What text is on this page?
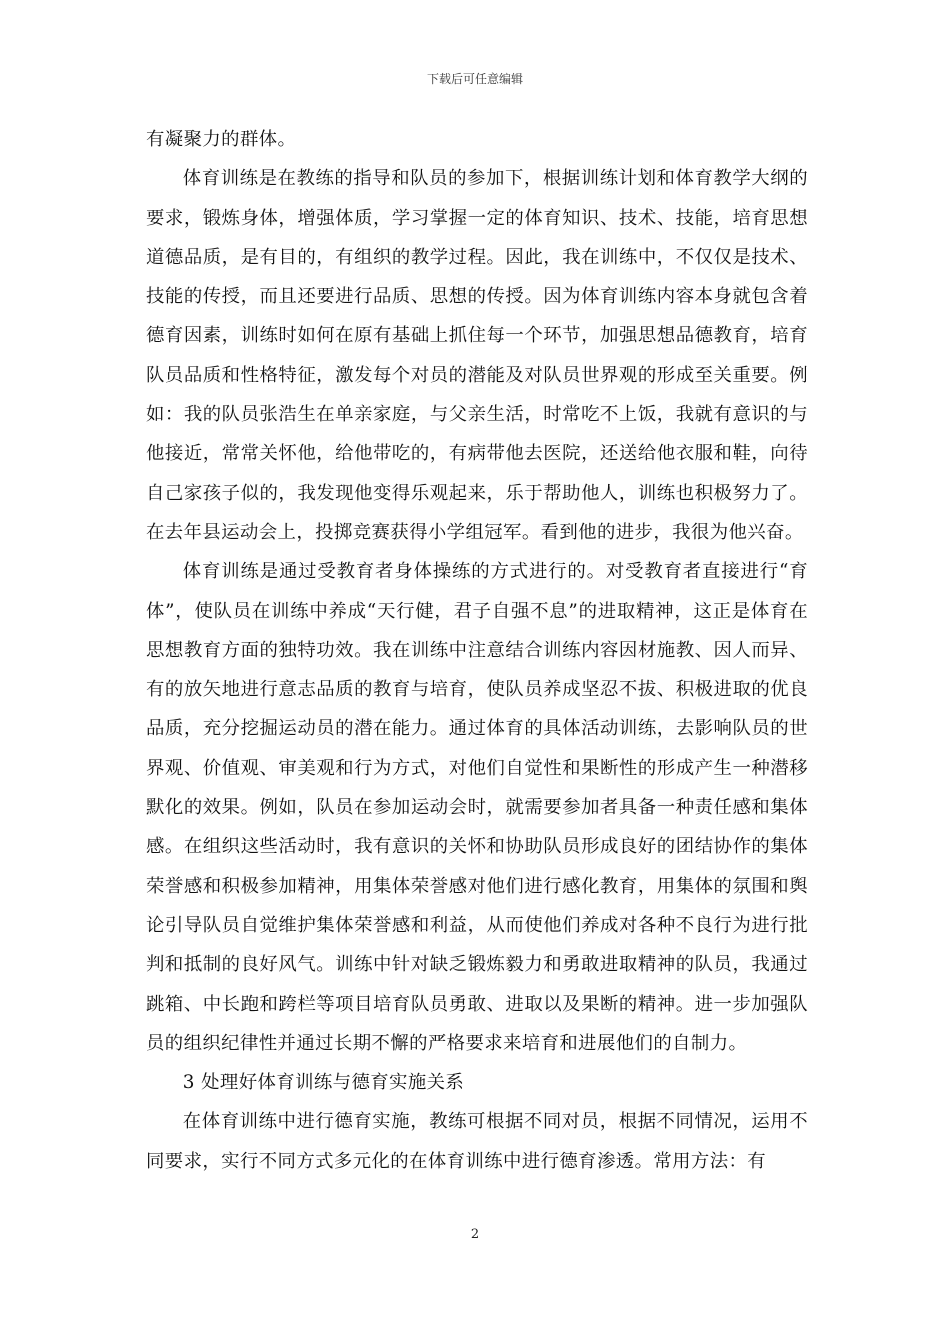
下载后可任意编辑

有凝聚力的群体。

体育训练是在教练的指导和队员的参加下，根据训练计划和体育教学大纲的要求，锻炼身体，增强体质，学习掌握一定的体育知识、技术、技能，培育思想道德品质，是有目的，有组织的教学过程。因此，我在训练中，不仅仅是技术、技能的传授，而且还要进行品质、思想的传授。因为体育训练内容本身就包含着德育因素，训练时如何在原有基础上抓住每一个环节，加强思想品德教育，培育队员品质和性格特征，激发每个对员的潜能及对队员世界观的形成至关重要。例如：我的队员张浩生在单亲家庭，与父亲生活，时常吃不上饭，我就有意识的与他接近，常常关怀他，给他带吃的，有病带他去医院，还送给他衣服和鞋，向待自己家孩子似的，我发现他变得乐观起来，乐于帮助他人，训练也积极努力了。在去年县运动会上，投掷竞赛获得小学组冠军。看到他的进步，我很为他兴奋。

体育训练是通过受教育者身体操练的方式进行的。对受教育者直接进行“育体”，使队员在训练中养成“天行健，君子自强不息”的进取精神，这正是体育在思想教育方面的独特功效。我在训练中注意结合训练内容因材施教、因人而异、有的放矢地进行意志品质的教育与培育，使队员养成坚忍不拔、积极进取的优良品质，充分挖掘运动员的潜在能力。通过体育的具体活动训练，去影响队员的世界观、价值观、审美观和行为方式，对他们自觉性和果断性的形成产生一种潜移默化的效果。例如，队员在参加运动会时，就需要参加者具备一种责任感和集体感。在组织这些活动时，我有意识的关怀和协助队员形成良好的团结协作的集体荣誉感和积极参加精神，用集体荣誉感对他们进行感化教育，用集体的氛围和舆论引导队员自觉维护集体荣誉感和利益，从而使他们养成对各种不良行为进行批判和抵制的良好风气。训练中针对缺乏锻炼毅力和勇敢进取精神的队员，我通过跳箱、中长跑和跨栏等项目培育队员勇敢、进取以及果断的精神。进一步加强队员的组织纪律性并通过长期不懈的严格要求来培育和进展他们的自制力。

3 处理好体育训练与德育实施关系

在体育训练中进行德育实施，教练可根据不同对员，根据不同情况，运用不同要求，实行不同方式多元化的在体育训练中进行德育渗透。常用方法：有

2
